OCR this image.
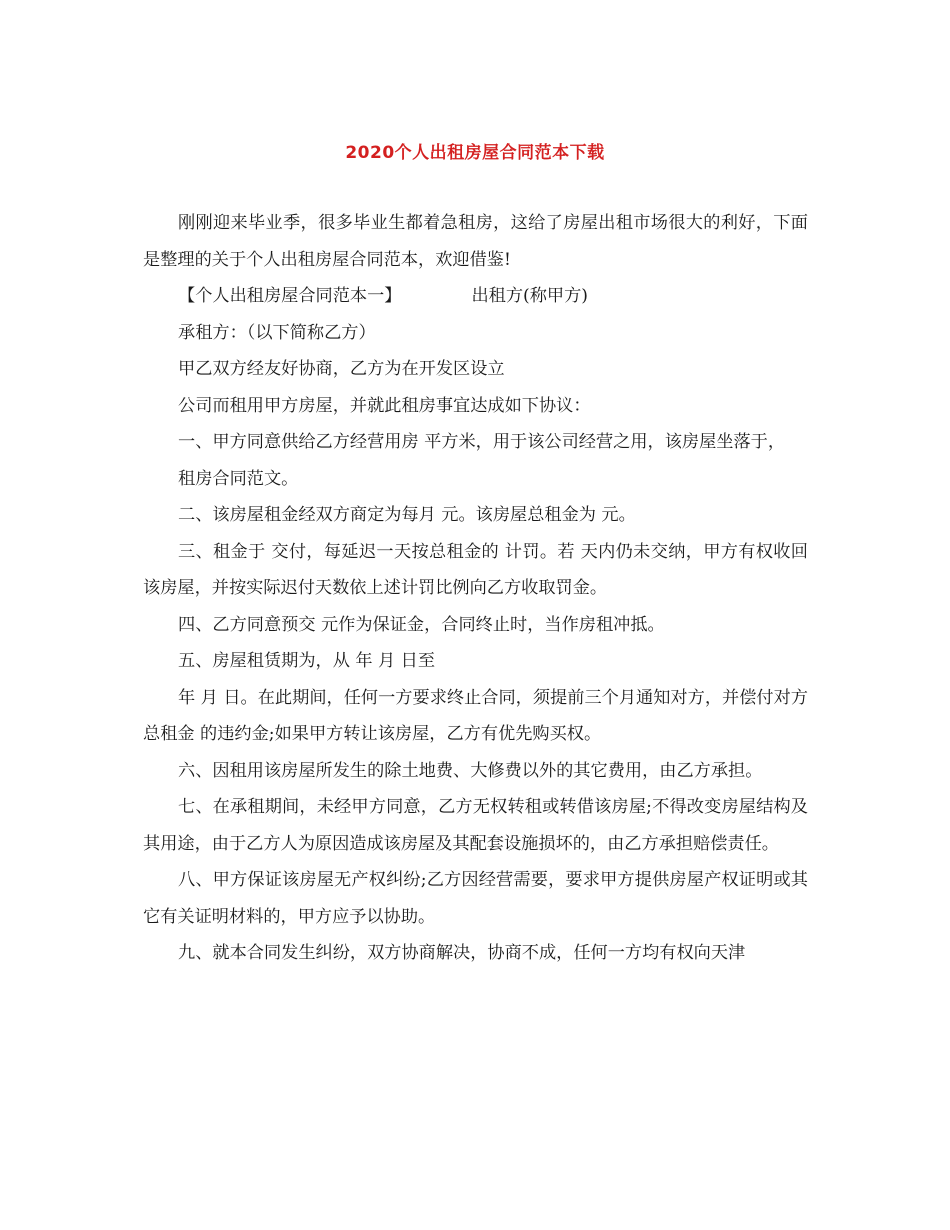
2020个人出租房屋合同范本下载

刚刚迎来毕业季，很多毕业生都着急租房，这给了房屋出租市场很大的利好，下面是整理的关于个人出租房屋合同范本，欢迎借鉴!

【个人出租房屋合同范本一】	出租方(称甲方)

承租方：（以下简称乙方）

甲乙双方经友好协商，乙方为在开发区设立

公司而租用甲方房屋，并就此租房事宜达成如下协议：

一、甲方同意供给乙方经营用房 平方米，用于该公司经营之用，该房屋坐落于，

租房合同范文。

二、该房屋租金经双方商定为每月 元。该房屋总租金为 元。

三、租金于 交付，每延迟一天按总租金的 计罚。若 天内仍未交纳，甲方有权收回该房屋，并按实际迟付天数依上述计罚比例向乙方收取罚金。

四、乙方同意预交 元作为保证金，合同终止时，当作房租冲抵。

五、房屋租赁期为，从 年 月 日至

年 月 日。在此期间，任何一方要求终止合同，须提前三个月通知对方，并偿付对方总租金 的违约金;如果甲方转让该房屋，乙方有优先购买权。

六、因租用该房屋所发生的除土地费、大修费以外的其它费用，由乙方承担。

七、在承租期间，未经甲方同意，乙方无权转租或转借该房屋;不得改变房屋结构及其用途，由于乙方人为原因造成该房屋及其配套设施损坏的，由乙方承担赔偿责任。

八、甲方保证该房屋无产权纠纷;乙方因经营需要，要求甲方提供房屋产权证明或其它有关证明材料的，甲方应予以协助。

九、就本合同发生纠纷，双方协商解决，协商不成，任何一方均有权向天津
